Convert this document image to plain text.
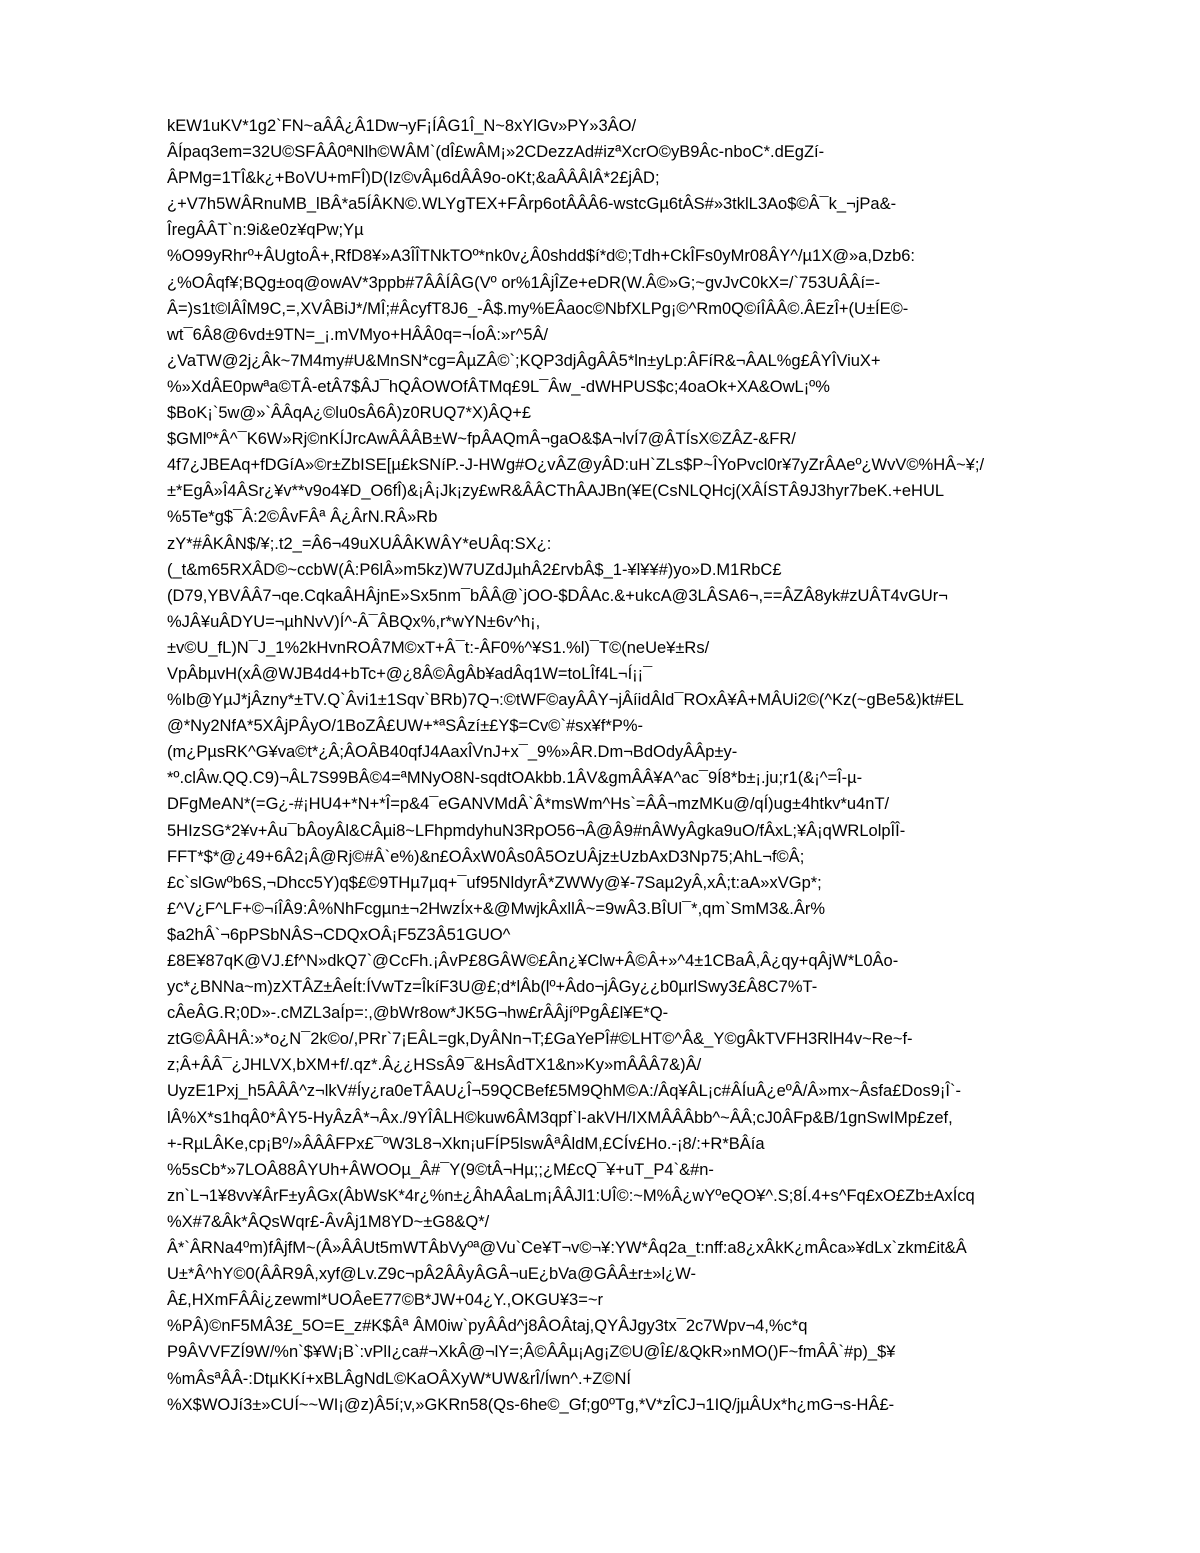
kEW1uKV*1g2`FN~aÂÂ¿Â1Dw¬yF¡ÍÂG1Î_N~8xYlGv»PY»3ÂO/
ÂÍpaq3em=32U©SFÂÂ0ªNlh©WÂM`(dÎ£wÂM¡»2CDezzAd#izªXcrO©yB9Âc-nboC*.dEgZí-
ÂPMg=1TÎ&k¿+BoVU+mFÎ)D(Iz©vÂµ6dÂÂ9o-oKt;&aÂÂÂlÂ*2£jÂD;
¿+V7h5WÂRnuMB_lBÂ*a5ÍÂKN©.WLYgTEX+FÂrp6otÂÂÂ6-wstcGµ6tÂS#»3tklL3Ao$©Â¯k_¬jPa&-
ÎregÂÂT`n:9i&e0z¥qPw;Yµ
%O99yRhrº+ÂUgtoÂ+,RfD8¥»A3ÎÎTNkTOº*nk0v¿Â0shdd$í*d©;Tdh+CkÎFs0yMr08ÂY^/µ1X@»a,Dzb6:
¿%OÂqf¥;BQg±oq@owAV*3ppb#7ÂÂÍÂG(Vº or%1ÂjÎZe+eDR(W.Â©»G;~gvJvC0kX=/`753UÂÂí=-
Â=)s1t©lÂÎM9C,=,XVÂBiJ*/MÎ;#ÂcyfT8J6_-Â$.my%EÂaoc©NbfXLPg¡©^Rm0Q©íÎÂÂ©.ÂEzÎ+(U±ÍE©-
wt¯6Â8@6vd±9TN=_¡.mVMyo+HÂÂ0q=¬ÍoÂ:»r^5Â/
¿VaTW@2j¿Âk~7M4my#U&MnSN*cg=ÂµZÂ©`;KQP3djÂgÂÂ5*ln±yLp:ÂFíR&¬ÂAL%g£ÂYÎViuX+
%»XdÂE0pwªa©TÂ-etÂ7$ÂJ¯hQÂOWOfÂTMq£9L¯Âw_-dWHPUS$c;4oaOk+XA&OwL¡º%
$BoK¡`5w@»`ÂÂqA¿©lu0sÂ6Â)z0RUQ7*X)ÂQ+£
$GMlº*Â^¯K6W»Rj©nKÍJrcAwÂÂÂB±W~fpÂAQmÂ¬gaO&$A¬lvÍ7@ÂTÍsX©ZÂZ-&FR/
4f7¿JBEAq+fDGíA»©r±ZbISE[µ£kSNíP.-J-HWg#O¿vÂZ@yÂD:uH`ZLs$P~ÎYoPvcl0r¥7yZrÂAeº¿WvV©%HÂ~¥;/
±*EgÂ»Î4ÂSr¿¥v**v9o4¥D_O6fÎ)&¡Â¡Jk¡zy£wR&ÂÂCThÂAJBn(¥E(CsNLQHcj(XÂÍSTÂ9J3hyr7beK.+eHUL
%5Te*g$¯Â:2©ÂvFÂª Â¿ÂrN.RÂ»Rb
zY*#ÂKÂN$/¥;.t2_=Â6¬49uXUÂÂKWÂY*eUÂq:SX¿:
(_t&m65RXÂD©~ccbW(Â:P6lÂ»m5kz)W7UZdJµhÂ2£rvbÂ$_1-¥l¥¥#)yo»D.M1RbC£
(D79,YBVÂÂ7¬qe.CqkaÂHÂjnE»Sx5nm¯bÂÂ@`jOO-$DÂAc.&+ukcA@3LÂSA6¬,==ÂZÂ8yk#zUÂT4vGUr¬
%JÂ¥uÂDYU=¬µhNvV)Í^-Â¯ÂBQx%,r*wYN±6v^h¡,
±v©U_fL)N¯J_1%2kHvnROÂ7M©xT+Â¯t:-ÂF0%^¥S1.%l)¯T©(neUe¥±Rs/
VpÂbµvH(xÂ@WJB4d4+bTc+@¿8Â©ÂgÂb¥adÂq1W=toLÎf4L¬Í¡¡¯
%Ib@YµJ*jÂzny*±TV.Q`Âvi1±1Sqv`BRb)7Q¬:©tWF©ayÂÂY¬jÂíidÂld¯ROxÂ¥Â+MÂUi2©(^Kz(~gBe5&)kt#EL
@*Ny2NfA*5XÂjPÂyO/1BoZÂ£UW+*ªSÂzí±£Y$=Cv©`#sx¥f*P%-
(m¿PµsRK^G¥va©t*¿Â;ÂOÂB40qfJ4AaxÎVnJ+x¯_9%»ÂR.Dm¬BdOdyÂÂp±y-
*º.clÂw.QQ.C9)¬ÂL7S99BÂ©4=ªMNyO8N-sqdtOAkbb.1ÂV&gmÂÂ¥A^ac¯9Í8*b±¡.ju;r1(&¡^=Î-µ-
DFgMeAN*(=G¿-#¡HU4+*N+*Î=p&4¯eGANVMdÂ`Â*msWm^Hs`=ÂÂ¬mzMKu@/qÍ)ug±4htkv*u4nT/
5HIzSG*2¥v+Âu¯bÂoyÂl&CÂµi8~LFhpmdyhuN3RpO56¬Â@Â9#nÂWyÂgka9uO/fÂxL;¥Â¡qWRLolpÎÎ-
FFT*$*@¿49+6Â2¡Â@Rj©#Â`e%)&n£OÂxW0Âs0Â5OzUÂjz±UzbAxD3Np75;AhL¬f©Â;
£c`slGwºb6S,¬Dhcc5Y)q$£©9THµ7µq+¯uf95NldyrÂ*ZWWy@¥-7Saµ2yÂ,xÂ;t:aA»xVGp*;
£^V¿F^LF+©¬íÎÂ9:Â%NhFcgµn±¬2HwzÍx+&@MwjkÂxllÂ~=9wÂ3.BÎUl¯*,qm`SmM3&.Âr%
$a2hÂ`¬6pPSbNÂS¬CDQxOÂ¡F5Z3Â51GUO^
£8E¥87qK@VJ.£f^N»dkQ7`@CcFh.¡ÂvP£8GÂW©£Ân¿¥Clw+Â©Â+»^4±1CBaÂ,Â¿qy+qÂjW*L0Âo-
yc*¿BNNa~m)zXTÂZ±ÂeÍt:ÍVwTz=ÎkíF3U@£;d*lÂb(lº+Âdo¬jÂGy¿¿b0µrlSwy3£Â8C7%T-
cÂeÂG.R;0D»-.cMZL3aÍp=:,@bWr8ow*JK5G¬hw£rÂÂjíºPgÂ£l¥E*Q-
ztG©ÂÂHÂ:»*o¿N¯2k©o/,PRr`7¡EÂL=gk,DyÂNn¬T;£GaYePÎ#©LHT©^Â&_Y©gÂkTVFH3RlH4v~Re~f-
z;Â+ÂÂ¯¿JHLVX,bXM+f/.qz*.Â¿¿HSsÂ9¯&HsÂdTX1&n»Ky»mÂÂÂ7&)Â/
UyzE1Pxj_h5ÂÂÂ^z¬lkV#Íy¿ra0eTÂAU¿Î¬59QCBef£5M9QhM©A:/Âq¥ÂL¡c#ÂÍuÂ¿eºÂ/Â»mx~Âsfa£Dos9¡Î`-
lÂ%X*s1hqÂ0*ÂY5-HyÂzÂ*¬Âx./9YÎÂLH©kuw6ÂM3qpf`l-akVH/IXMÂÂÂbb^~ÂÂ;cJ0ÂFp&B/1gnSwIMp£zef,
+-RµLÂKe,cp¡Bº/»ÂÂÂFPx£¯ºW3L8¬Xkn¡uFÍP5lswÂªÂldM,£CÍv£Ho.-¡8/:+R*BÂía
%5sCb*»7LOÂ88ÂYUh+ÂWOOµ_Â#¯Y(9©tÂ¬Hµ;;¿M£cQ¯¥+uT_P4`&#n-
zn`L¬1¥8vv¥ÂrF±yÂGx(ÂbWsK*4r¿%n±¿ÂhAÂaLm¡ÂÂJl1:UÎ©:~M%Â¿wYºeQO¥^.S;8Í.4+s^Fq£xO£Zb±AxÍcq
%X#7&Âk*ÂQsWqr£-ÂvÂj1M8YD~±G8&Q*/
Â*`ÂRNa4ºm)fÂjfM~(Â»ÂÂUt5mWTÂbVyºª@Vu`Ce¥T¬v©¬¥:YW*Âq2a_t:nff:a8¿xÂkK¿mÂca»¥dLx`zkm£it&Â
U±*Â^hY©0(ÂÂR9Â,xyf@Lv.Z9c¬pÂ2ÂÂyÂGÂ¬uE¿bVa@GÂÂ±r±»l¿W-
Â£,HXmFÂÂi¿zewml*UOÂeE77©B*JW+04¿Y.,OKGU¥3=~r
%PÂ)©nF5MÂ3£_5O=E_z#K$Âª ÂM0iw`pyÂÂd^j8ÂOÂtaj,QYÂJgy3tx¯2c7Wpv¬4,%c*q
P9ÂVVFZÍ9W/%n`$¥W¡B`:vPlI¿ca#¬XkÂ@¬lY=;Â©ÂÂµ¡Ag¡Z©U@Î£/&QkR»nMO()F~fmÂÂ`#p)_$¥
%mÂsªÂÂ-:DtµKKí+xBLÂgNdL©KaOÂXyW*UW&rÎ/Íwn^.+Z©NÍ
%X$WOJí3±»CUÍ~~WI¡@z)Â5í;v,»GKRn58(Qs-6he©_Gf;g0ºTg,*V*zÎCJ¬1IQ/jµÂUx*h¿mG¬s-HÂ£-
